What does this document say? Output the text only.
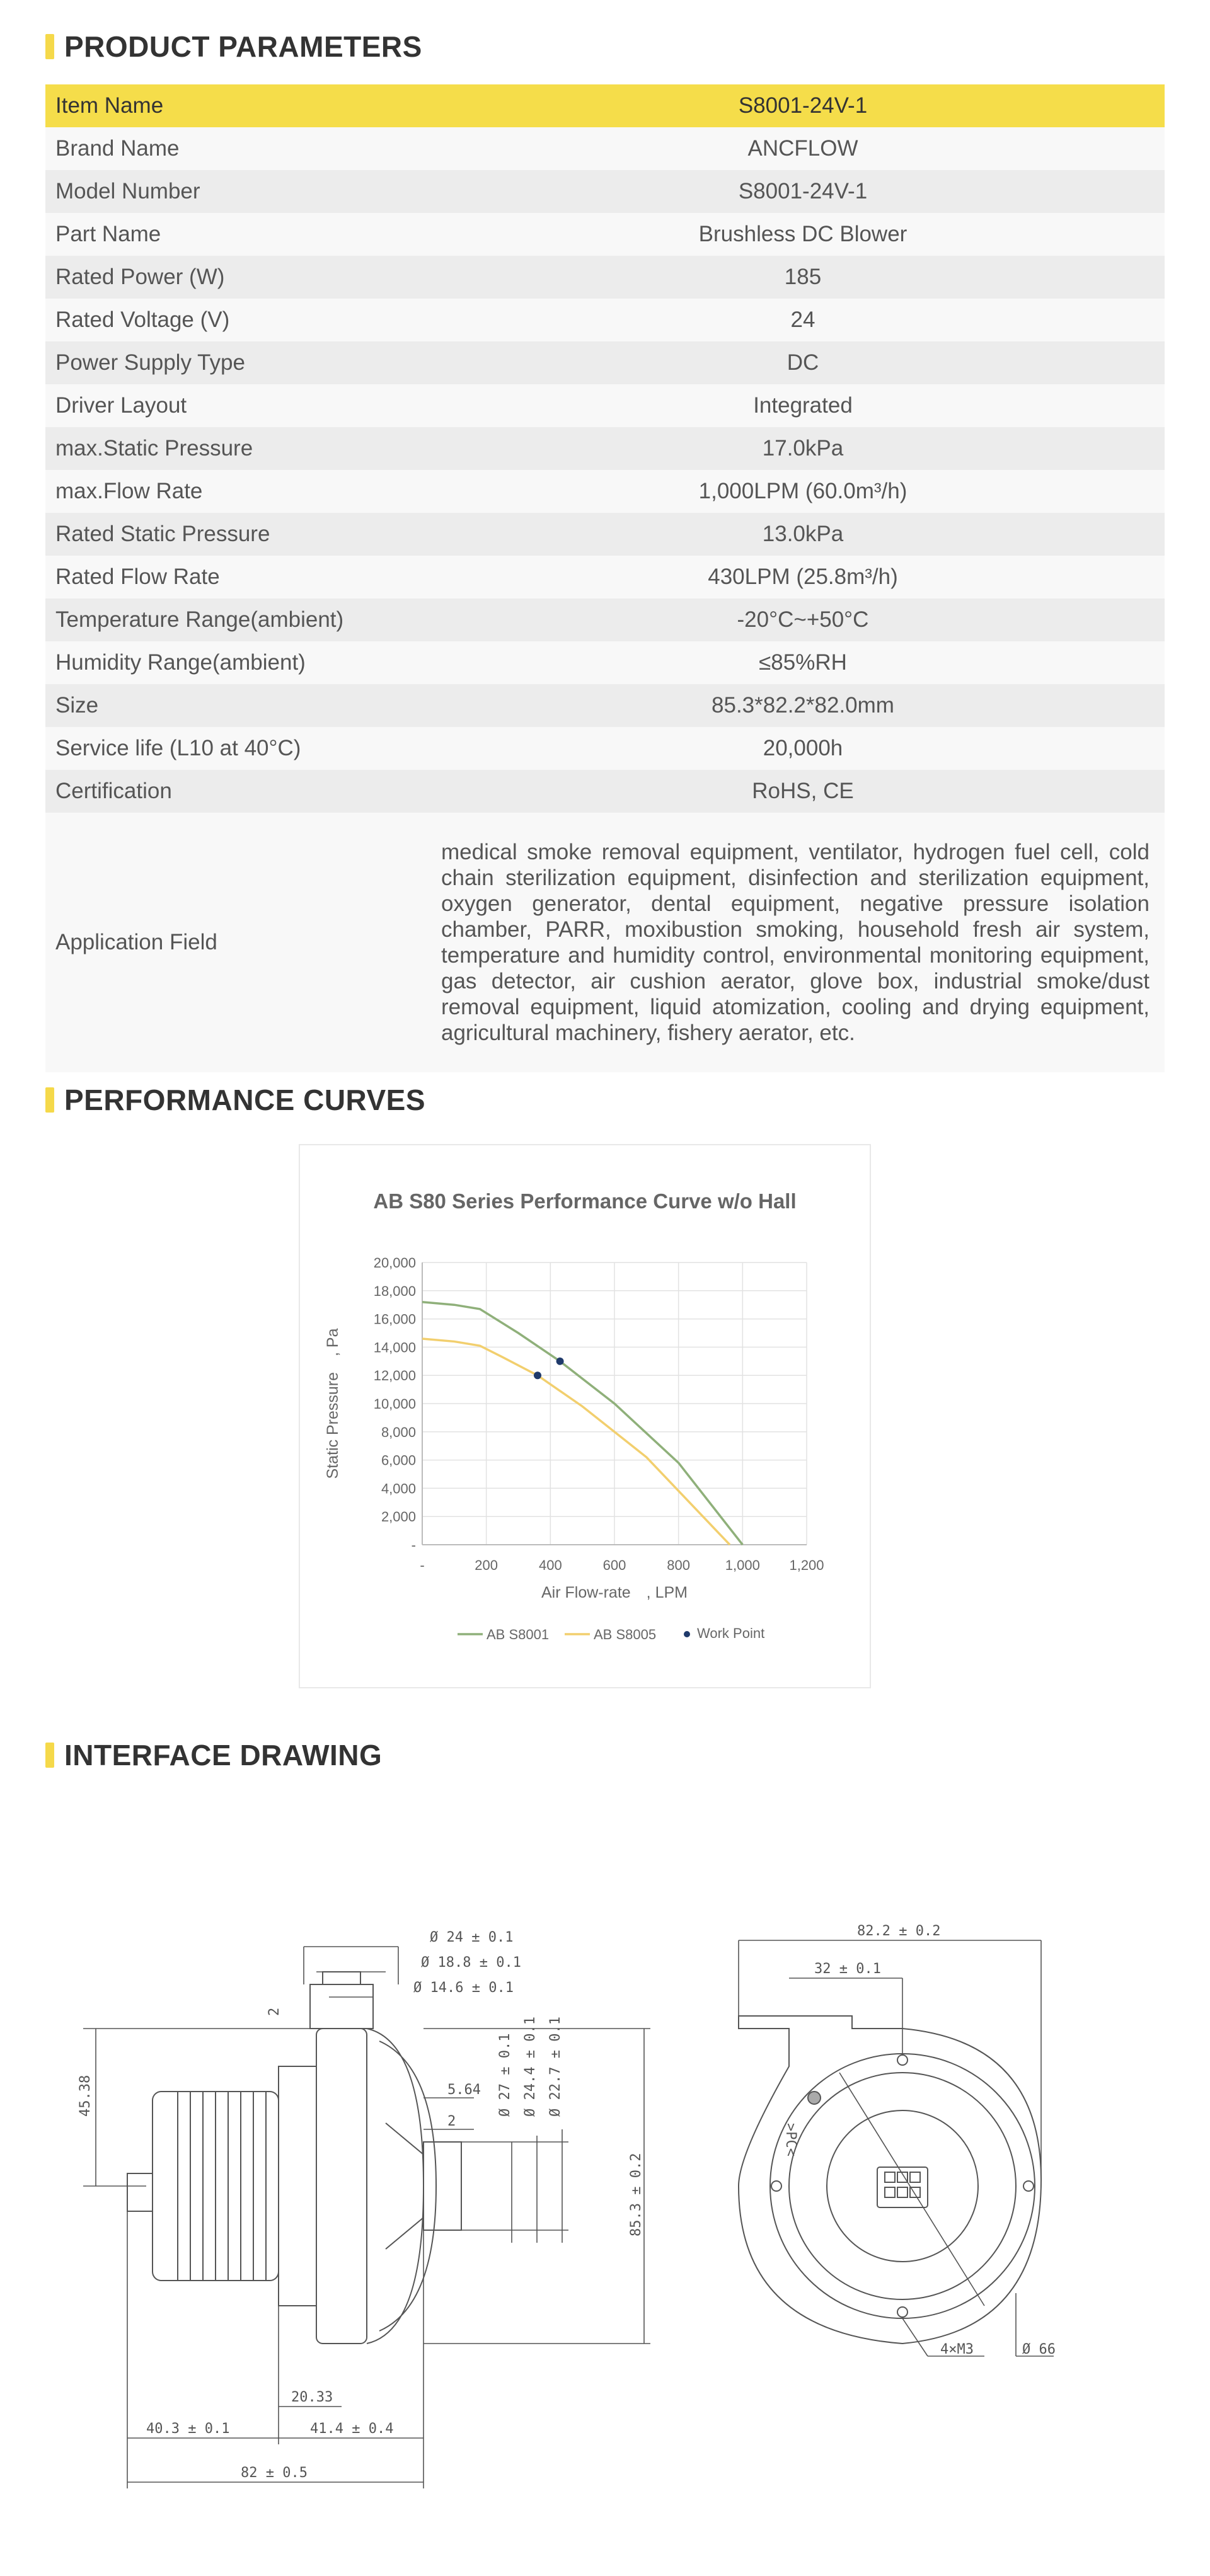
PRODUCT PARAMETERS
Item Name	S8001-24V-1
Brand Name	ANCFLOW
Model Number	S8001-24V-1
Part Name	Brushless DC Blower
Rated Power (W)	185
Rated Voltage (V)	24
Power Supply Type	DC
Driver Layout	Integrated
max.Static Pressure	17.0kPa
max.Flow Rate	1,000LPM (60.0m³/h)
Rated Static Pressure	13.0kPa
Rated Flow Rate	430LPM (25.8m³/h)
Temperature Range(ambient)	-20°C~+50°C
Humidity Range(ambient)	≤85%RH
Size	85.3*82.2*82.0mm
Service life (L10 at 40°C)	20,000h
Certification	RoHS, CE
Application Field	medical smoke removal equipment, ventilator, hydrogen fuel cell, cold chain sterilization equipment, disinfection and sterilization equipment, oxygen generator, dental equipment, negative pressure isolation chamber, PARR, moxibustion smoking, household fresh air system, temperature and humidity control, environmental monitoring equipment, gas detector, air cushion aerator, glove box, industrial smoke/dust removal equipment, liquid atomization, cooling and drying equipment, agricultural machinery, fishery aerator, etc.
PERFORMANCE CURVES
AB S80 Series Performance Curve w/o Hall
-
2,000
4,000
6,000
8,000
10,000
12,000
14,000
16,000
18,000
20,000
-	200	400	600	800	1,000 1,200
Air Flow-rate　, LPM
Static Pressure　, Pa
AB S8001	AB S8005	Work Point
INTERFACE DRAWING
Ø 24 ± 0.1
Ø 18.8 ± 0.1
Ø 14.6 ± 0.1
2
45.38	5.64
2
Ø 27 ± 0.1 Ø 24.4 ± 0.1 Ø 22.7 ± 0.1
85.3 ± 0.2
20.33
40.3 ± 0.1	41.4 ± 0.4
82 ± 0.5
82.2 ± 0.2
32 ± 0.1
>PC<
4×M3	Ø 66
